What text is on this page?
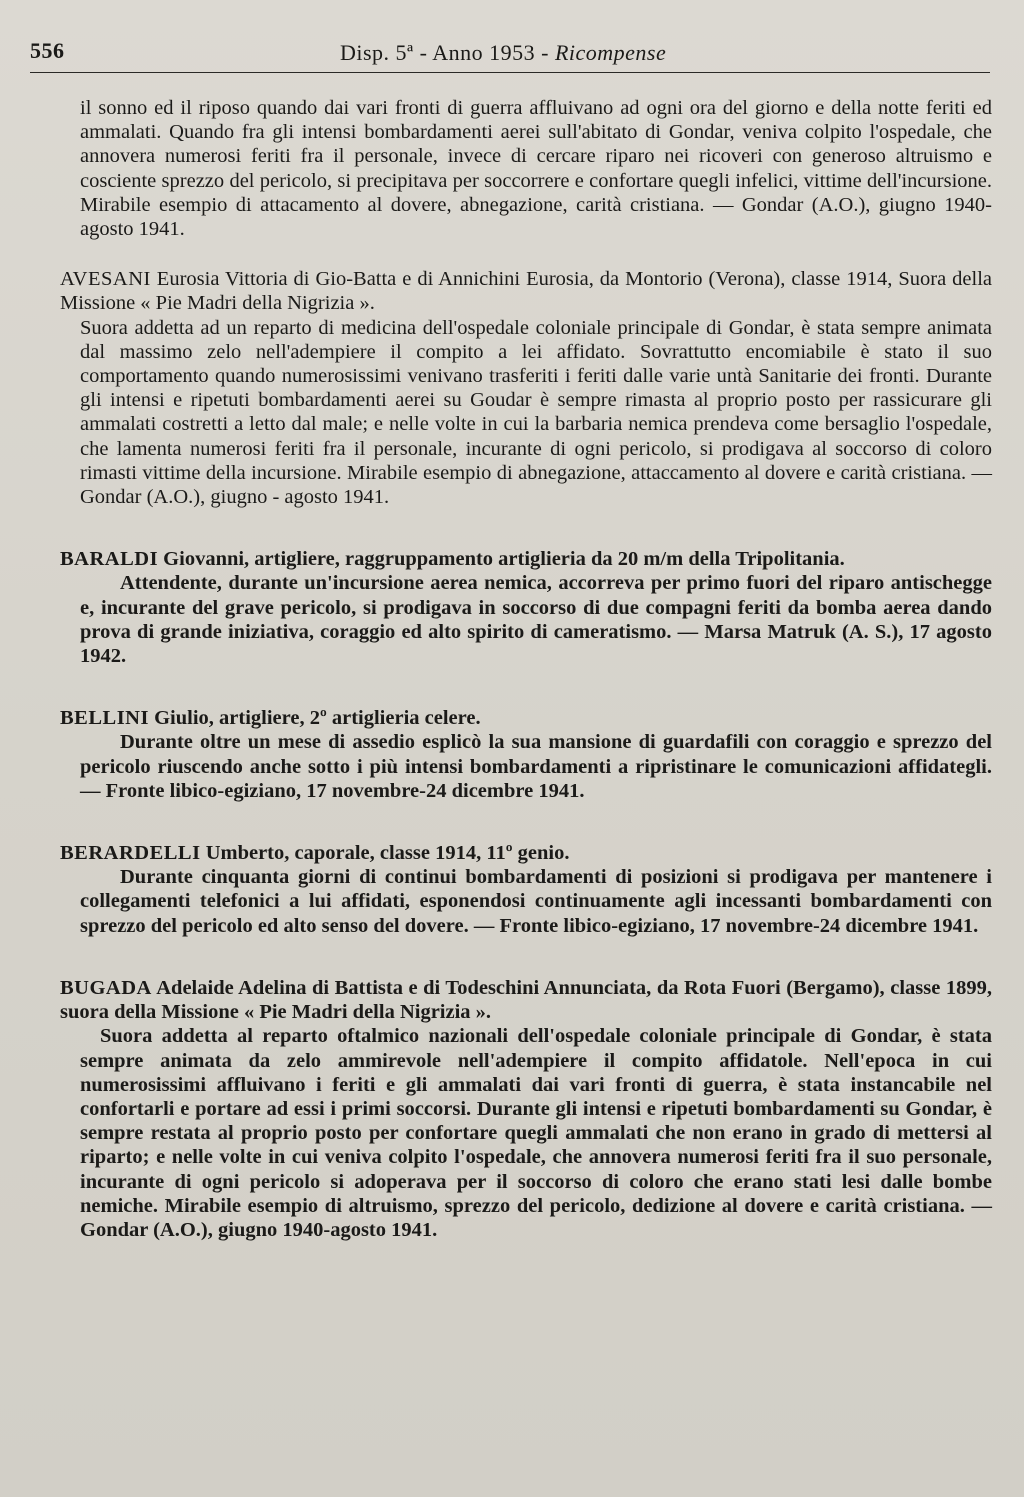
556	Disp. 5ª - Anno 1953 - Ricompense

il sonno ed il riposo quando dai vari fronti di guerra affluivano ad ogni ora del giorno e della notte feriti ed ammalati. Quando fra gli intensi bombardamenti aerei sull'abitato di Gondar, veniva colpito l'ospedale, che annovera numerosi feriti fra il personale, invece di cercare riparo nei ricoveri con generoso altruismo e cosciente sprezzo del pericolo, si precipitava per soccorrere e confortare quegli infelici, vittime dell'incursione. Mirabile esempio di attacamento al dovere, abnegazione, carità cristiana. — Gondar (A.O.), giugno 1940-agosto 1941.

AVESANI Eurosia Vittoria di Gio-Batta e di Annichini Eurosia, da Montorio (Verona), classe 1914, Suora della Missione « Pie Madri della Nigrizia ».

Suora addetta ad un reparto di medicina dell'ospedale coloniale principale di Gondar, è stata sempre animata dal massimo zelo nell'adempiere il compito a lei affidato. Sovrattutto encomiabile è stato il suo comportamento quando numerosissimi venivano trasferiti i feriti dalle varie untà Sanitarie dei fronti. Durante gli intensi e ripetuti bombardamenti aerei su Goudar è sempre rimasta al proprio posto per rassicurare gli ammalati costretti a letto dal male; e nelle volte in cui la barbaria nemica prendeva come bersaglio l'ospedale, che lamenta numerosi feriti fra il personale, incurante di ogni pericolo, si prodigava al soccorso di coloro rimasti vittime della incursione. Mirabile esempio di abnegazione, attaccamento al dovere e carità cristiana. — Gondar (A.O.), giugno - agosto 1941.

BARALDI Giovanni, artigliere, raggruppamento artiglieria da 20 m/m della Tripolitania.

Attendente, durante un'incursione aerea nemica, accorreva per primo fuori del riparo antischegge e, incurante del grave pericolo, si prodigava in soccorso di due compagni feriti da bomba aerea dando prova di grande iniziativa, coraggio ed alto spirito di cameratismo. — Marsa Matruk (A. S.), 17 agosto 1942.

BELLINI Giulio, artigliere, 2º artiglieria celere.

Durante oltre un mese di assedio esplicò la sua mansione di guardafili con coraggio e sprezzo del pericolo riuscendo anche sotto i più intensi bombardamenti a ripristinare le comunicazioni affidategli. — Fronte libico-egiziano, 17 novembre-24 dicembre 1941.

BERARDELLI Umberto, caporale, classe 1914, 11º genio.

Durante cinquanta giorni di continui bombardamenti di posizioni si prodigava per mantenere i collegamenti telefonici a lui affidati, esponendosi continuamente agli incessanti bombardamenti con sprezzo del pericolo ed alto senso del dovere. — Fronte libico-egiziano, 17 novembre-24 dicembre 1941.

BUGADA Adelaide Adelina di Battista e di Todeschini Annunciata, da Rota Fuori (Bergamo), classe 1899, suora della Missione « Pie Madri della Nigrizia ».

Suora addetta al reparto oftalmico nazionali dell'ospedale coloniale principale di Gondar, è stata sempre animata da zelo ammirevole nell'adempiere il compito affidatole. Nell'epoca in cui numerosissimi affluivano i feriti e gli ammalati dai vari fronti di guerra, è stata instancabile nel confortarli e portare ad essi i primi soccorsi. Durante gli intensi e ripetuti bombardamenti su Gondar, è sempre restata al proprio posto per confortare quegli ammalati che non erano in grado di mettersi al riparto; e nelle volte in cui veniva colpito l'ospedale, che annovera numerosi feriti fra il suo personale, incurante di ogni pericolo si adoperava per il soccorso di coloro che erano stati lesi dalle bombe nemiche. Mirabile esempio di altruismo, sprezzo del pericolo, dedizione al dovere e carità cristiana. — Gondar (A.O.), giugno 1940-agosto 1941.
